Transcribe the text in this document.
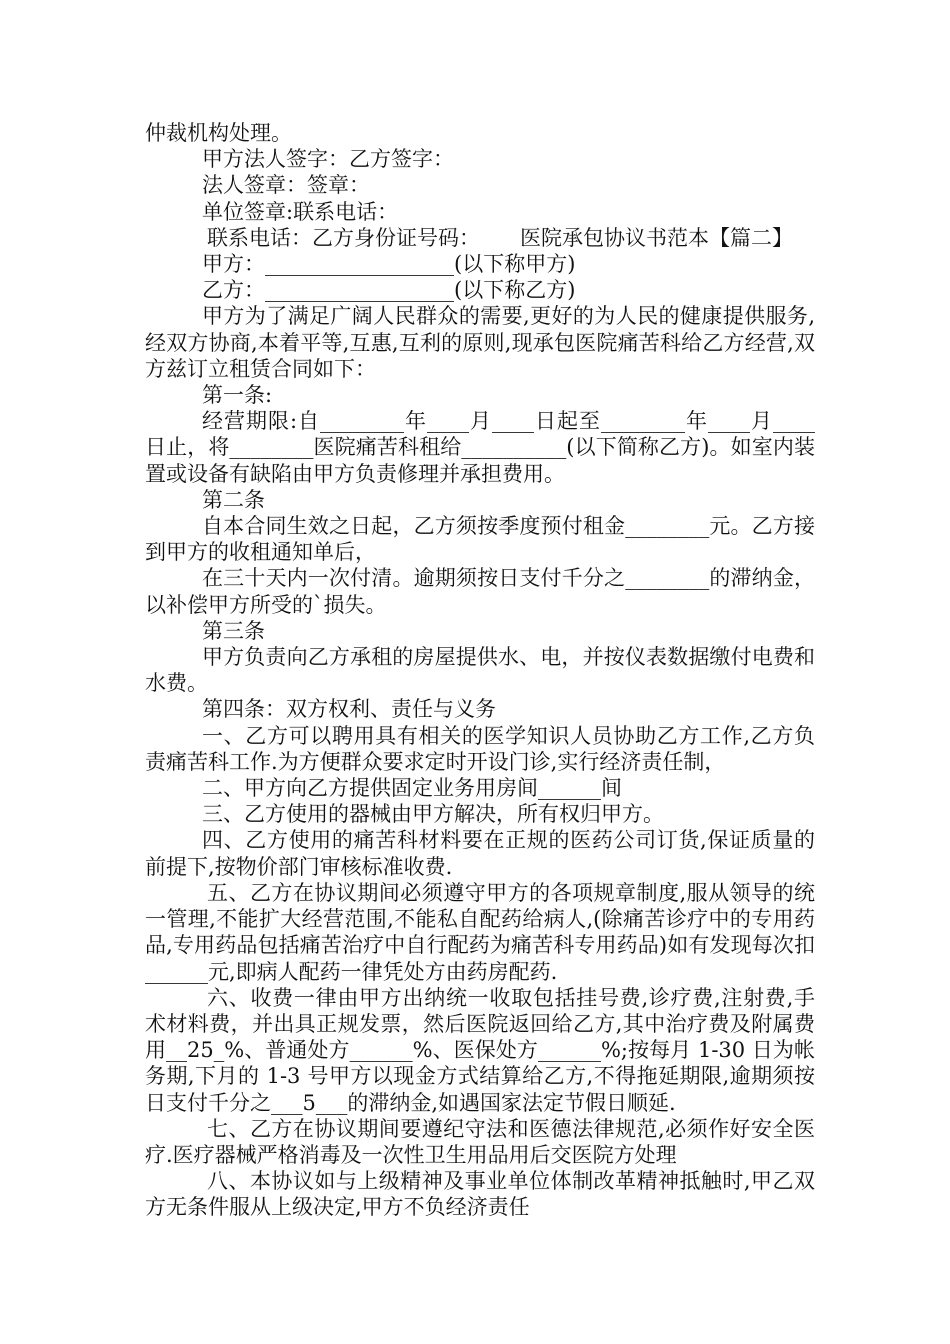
仲裁机构处理。

甲方法人签字：乙方签字：

法人签章：签章：

单位签章:联系电话：

联系电话：乙方身份证号码：      医院承包协议书范本【篇二】

甲方：__________________(以下称甲方)

乙方：__________________(以下称乙方)

甲方为了满足广阔人民群众的需要,更好的为人民的健康提供服务,经双方协商,本着平等,互惠,互利的原则,现承包医院痛苦科给乙方经营,双方兹订立租赁合同如下：

第一条:

经营期限:自________年____月____日起至________年____月____日止，将________医院痛苦科租给__________(以下简称乙方)。如室内装置或设备有缺陷由甲方负责修理并承担费用。

第二条

自本合同生效之日起，乙方须按季度预付租金________元。乙方接到甲方的收租通知单后，

在三十天内一次付清。逾期须按日支付千分之________的滞纳金，以补偿甲方所受的`损失。

第三条

甲方负责向乙方承租的房屋提供水、电，并按仪表数据缴付电费和水费。

第四条：双方权利、责任与义务

一、乙方可以聘用具有相关的医学知识人员协助乙方工作,乙方负责痛苦科工作.为方便群众要求定时开设门诊,实行经济责任制，

二、甲方向乙方提供固定业务用房间______间

三、乙方使用的器械由甲方解决，所有权归甲方。

四、乙方使用的痛苦科材料要在正规的医药公司订货,保证质量的前提下,按物价部门审核标准收费.

五、乙方在协议期间必须遵守甲方的各项规章制度,服从领导的统一管理,不能扩大经营范围,不能私自配药给病人,(除痛苦诊疗中的专用药品,专用药品包括痛苦治疗中自行配药为痛苦科专用药品)如有发现每次扣______元,即病人配药一律凭处方由药房配药.

六、收费一律由甲方出纳统一收取包括挂号费,诊疗费,注射费,手术材料费，并出具正规发票，然后医院返回给乙方,其中治疗费及附属费用__25_%、普通处方______%、医保处方______%;按每月 1-30 日为帐务期,下月的 1-3 号甲方以现金方式结算给乙方,不得拖延期限,逾期须按日支付千分之___5___的滞纳金,如遇国家法定节假日顺延.

七、乙方在协议期间要遵纪守法和医德法律规范,必须作好安全医疗.医疗器械严格消毒及一次性卫生用品用后交医院方处理

八、本协议如与上级精神及事业单位体制改革精神抵触时,甲乙双方无条件服从上级决定,甲方不负经济责任
